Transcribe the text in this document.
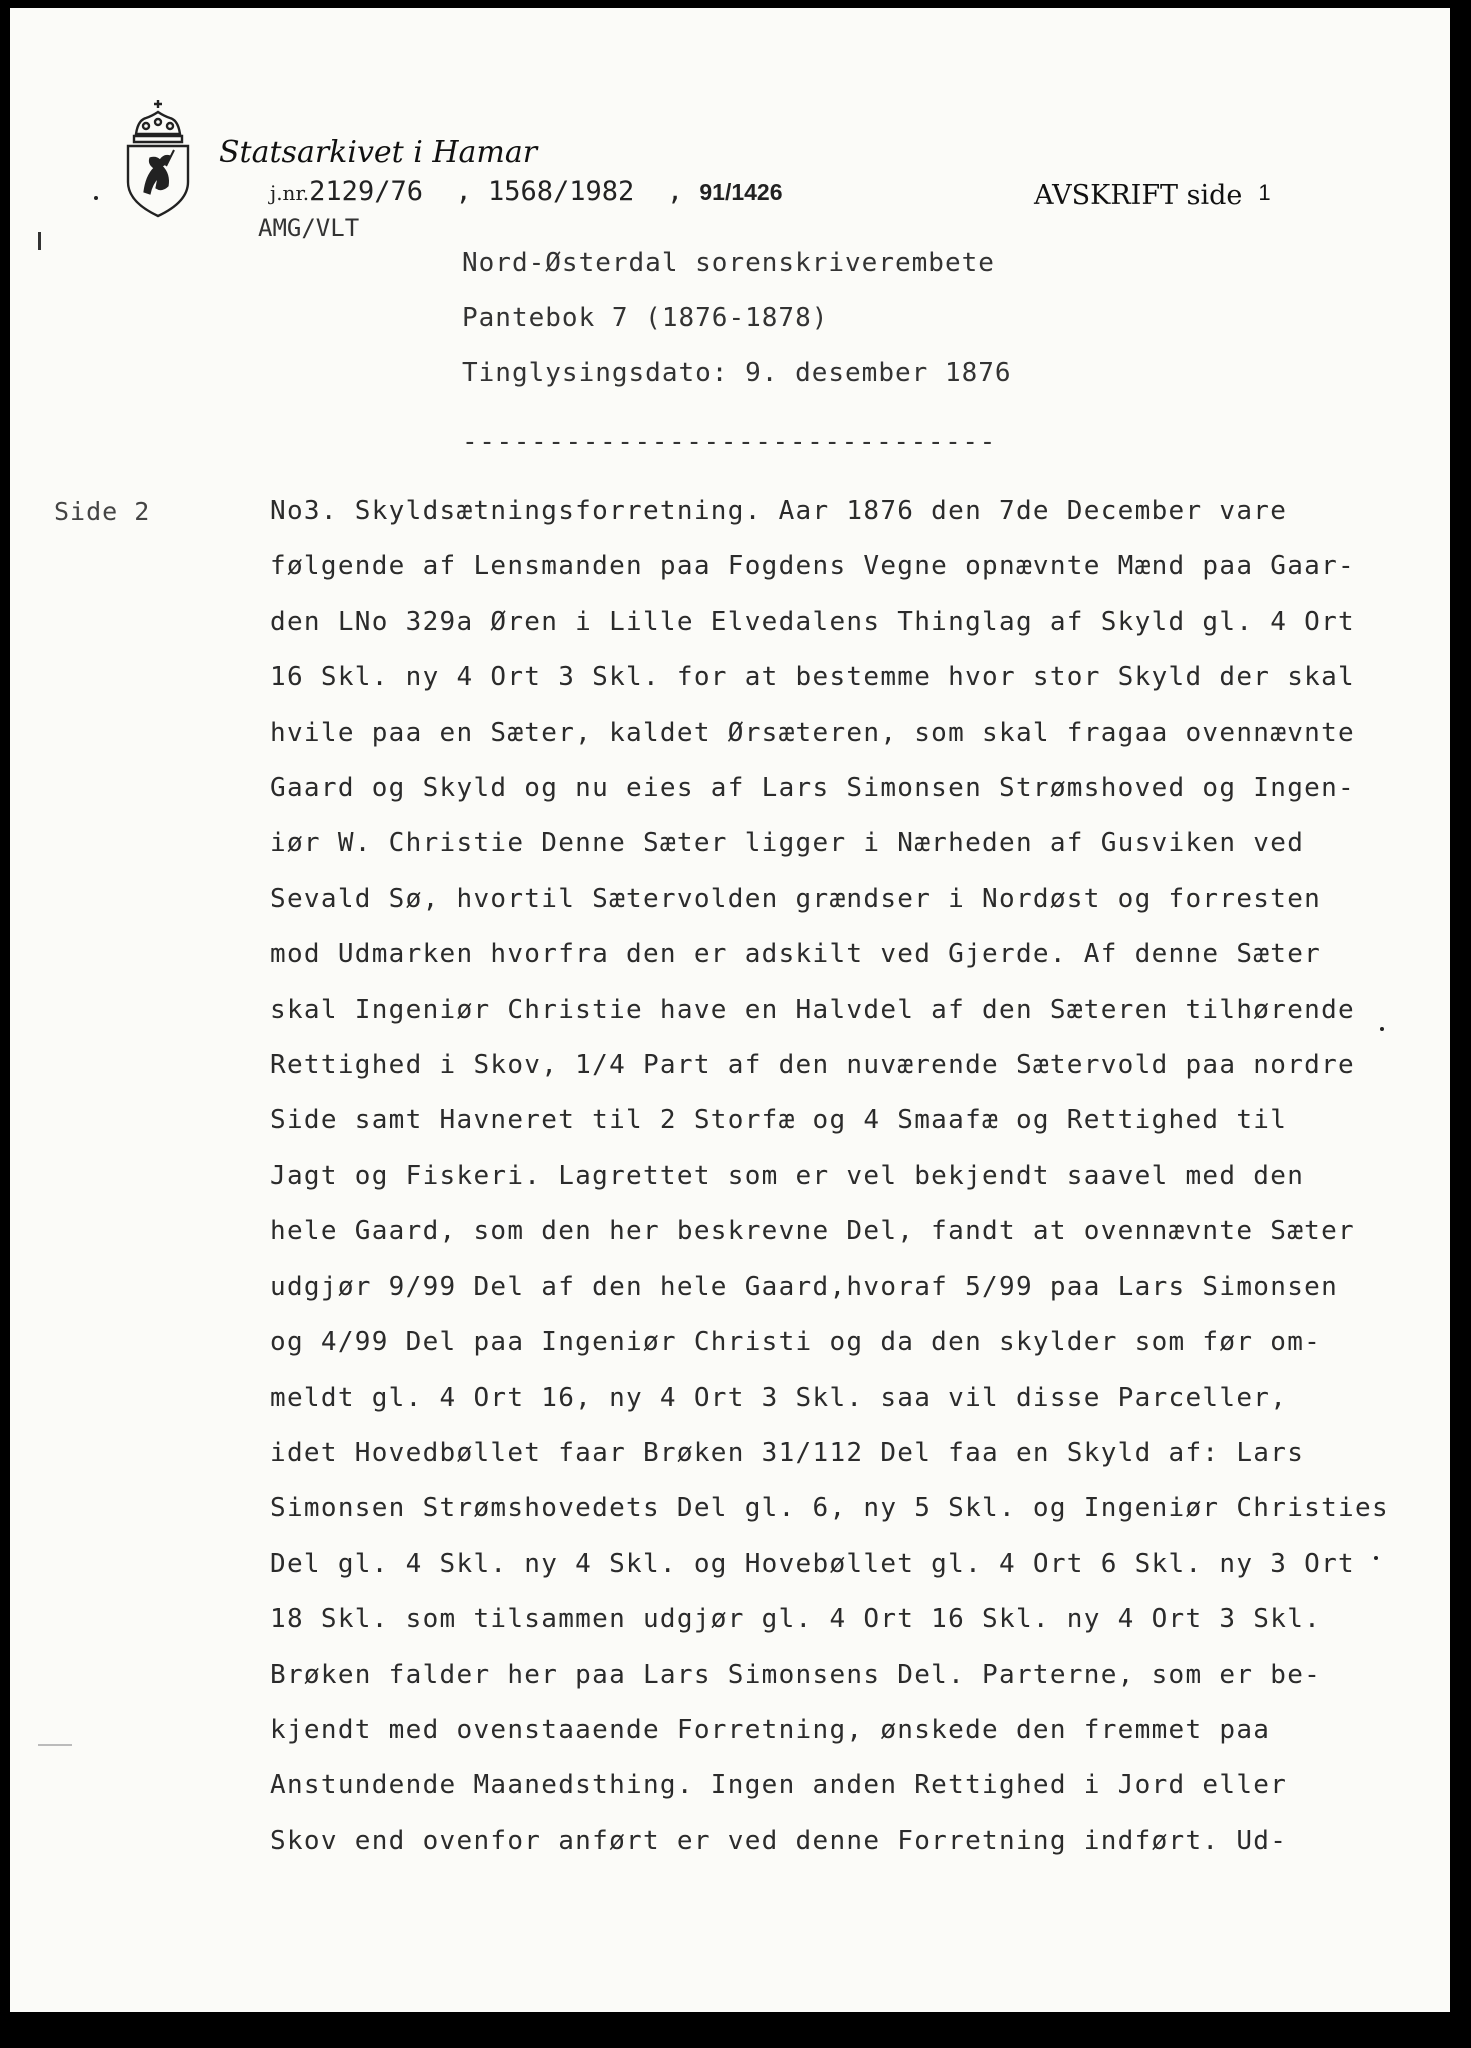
Statsarkivet i Hamar
j.nr.2129/76  , 1568/1982  , 91/1426	AVSKRIFT side 1
AMG/VLT
Nord-Østerdal sorenskriverembete
Pantebok 7 (1876-1878)
Tinglysingsdato: 9. desember 1876
-------------------------------
Side 2	No3. Skyldsætningsforretning. Aar 1876 den 7de December vare
følgende af Lensmanden paa Fogdens Vegne opnævnte Mænd paa Gaar-
den LNo 329a Øren i Lille Elvedalens Thinglag af Skyld gl. 4 Ort
16 Skl. ny 4 Ort 3 Skl. for at bestemme hvor stor Skyld der skal
hvile paa en Sæter, kaldet Ørsæteren, som skal fragaa ovennævnte
Gaard og Skyld og nu eies af Lars Simonsen Strømshoved og Ingen-
iør W. Christie Denne Sæter ligger i Nærheden af Gusviken ved
Sevald Sø, hvortil Sætervolden grændser i Nordøst og forresten
mod Udmarken hvorfra den er adskilt ved Gjerde. Af denne Sæter
skal Ingeniør Christie have en Halvdel af den Sæteren tilhørende
Rettighed i Skov, 1/4 Part af den nuværende Sætervold paa nordre
Side samt Havneret til 2 Storfæ og 4 Smaafæ og Rettighed til
Jagt og Fiskeri. Lagrettet som er vel bekjendt saavel med den
hele Gaard, som den her beskrevne Del, fandt at ovennævnte Sæter
udgjør 9/99 Del af den hele Gaard,hvoraf 5/99 paa Lars Simonsen
og 4/99 Del paa Ingeniør Christi og da den skylder som før om-
meldt gl. 4 Ort 16, ny 4 Ort 3 Skl. saa vil disse Parceller,
idet Hovedbøllet faar Brøken 31/112 Del faa en Skyld af: Lars
Simonsen Strømshovedets Del gl. 6, ny 5 Skl. og Ingeniør Christies
Del gl. 4 Skl. ny 4 Skl. og Hovebøllet gl. 4 Ort 6 Skl. ny 3 Ort
18 Skl. som tilsammen udgjør gl. 4 Ort 16 Skl. ny 4 Ort 3 Skl.
Brøken falder her paa Lars Simonsens Del. Parterne, som er be-
kjendt med ovenstaaende Forretning, ønskede den fremmet paa
Anstundende Maanedsthing. Ingen anden Rettighed i Jord eller
Skov end ovenfor anført er ved denne Forretning indført. Ud-
